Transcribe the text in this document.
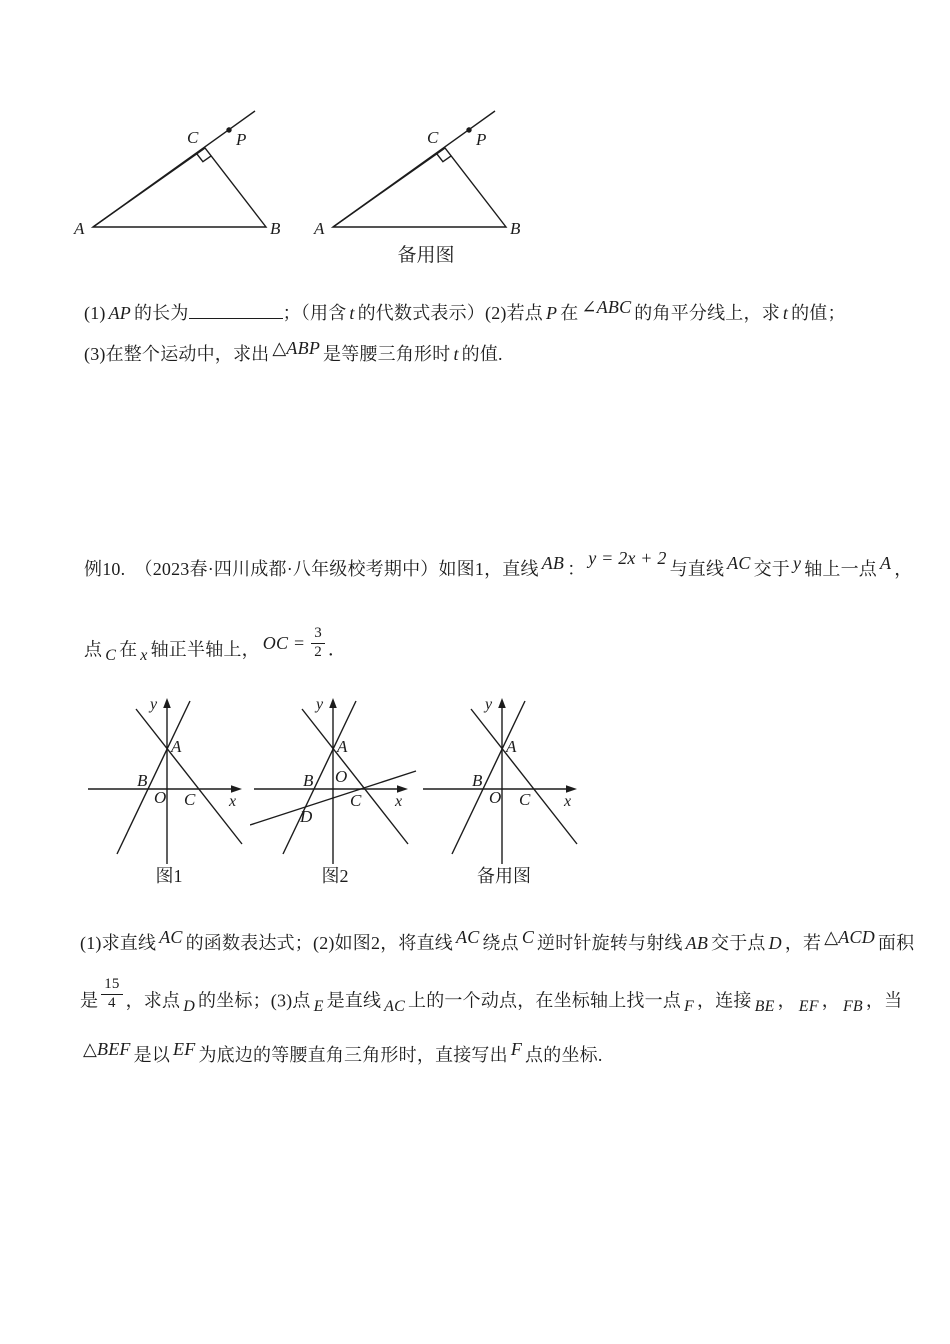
A	B
C P
A	B
C P
备用图
(1) AP 的长为	；（用含 t 的代数式表示）(2)若点 P 在 ∠ABC 的角平分线上，求 t 的值；
(3)在整个运动中，求出 △ABP 是等腰三角形时 t 的值.
例10.　（2023春·四川成都·八年级校考期中）如图1，直线 AB ：y = 2x + 2与直线 AC 交于 y 轴上一点 A ，
点 C 在 x 轴正半轴上， OC = $\frac{3}{2}$ ．
y
x
A
B
O C
y
x
A
B O
C
D
y
x
A
B
O C
图1	图2	备用图
(1)求直线 AC 的函数表达式；(2)如图2，将直线 AC 绕点 C 逆时针旋转与射线 AB 交于点 D ，若 △ACD 面积
是 $\frac{15}{4}$ ，求点 D 的坐标；(3)点 E 是直线 AC 上的一个动点，在坐标轴上找一点 F ，连接 BE ， EF ， FB ，当
△BEF 是以 EF 为底边的等腰直角三角形时，直接写出 F 点的坐标.
